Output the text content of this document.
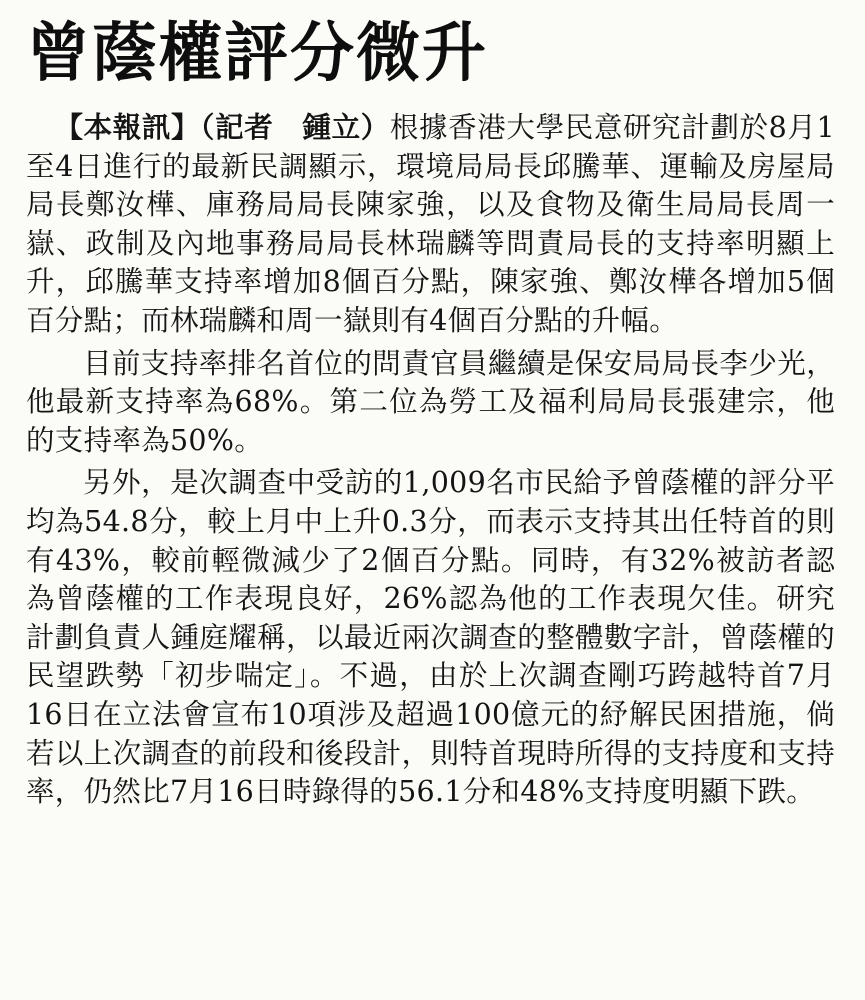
曾蔭權評分微升

【本報訊】（記者　鍾立）根據香港大學民意研究計劃於8月1至4日進行的最新民調顯示，環境局局長邱騰華、運輸及房屋局局長鄭汝樺、庫務局局長陳家強，以及食物及衛生局局長周一嶽、政制及內地事務局局長林瑞麟等問責局長的支持率明顯上升，邱騰華支持率增加8個百分點，陳家強、鄭汝樺各增加5個百分點；而林瑞麟和周一嶽則有4個百分點的升幅。

目前支持率排名首位的問責官員繼續是保安局局長李少光，他最新支持率為68%。第二位為勞工及福利局局長張建宗，他的支持率為50%。

另外，是次調查中受訪的1,009名市民給予曾蔭權的評分平均為54.8分，較上月中上升0.3分，而表示支持其出任特首的則有43%，較前輕微減少了2個百分點。同時，有32%被訪者認為曾蔭權的工作表現良好，26%認為他的工作表現欠佳。研究計劃負責人鍾庭耀稱，以最近兩次調查的整體數字計，曾蔭權的民望跌勢「初步喘定」。不過，由於上次調查剛巧跨越特首7月16日在立法會宣布10項涉及超過100億元的紓解民困措施，倘若以上次調查的前段和後段計，則特首現時所得的支持度和支持率，仍然比7月16日時錄得的56.1分和48%支持度明顯下跌。
